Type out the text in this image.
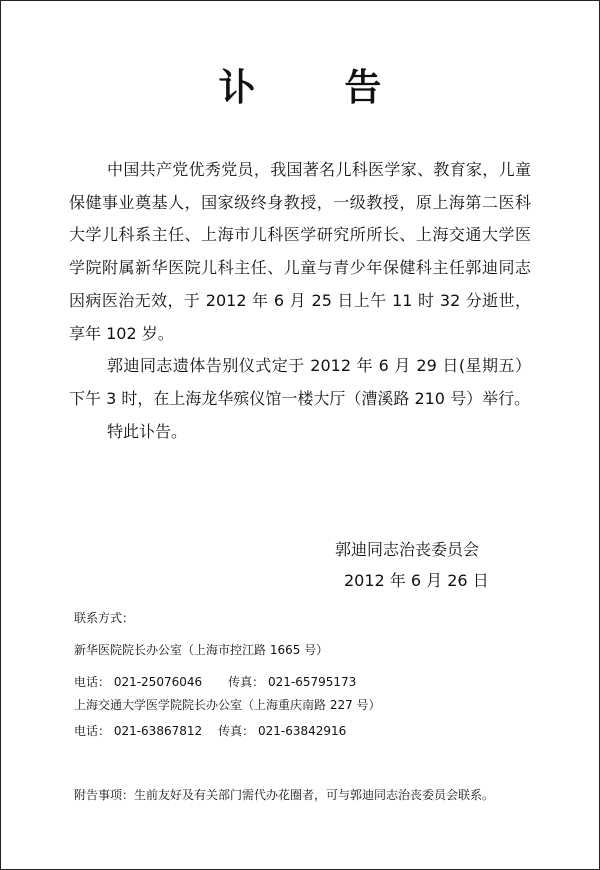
讣 告

中国共产党优秀党员，我国著名儿科医学家、教育家，儿童保健事业奠基人，国家级终身教授，一级教授，原上海第二医科大学儿科系主任、上海市儿科医学研究所所长、上海交通大学医学院附属新华医院儿科主任、儿童与青少年保健科主任郭迪同志因病医治无效，于 2012 年 6 月 25 日上午 11 时 32 分逝世，享年 102 岁。

郭迪同志遗体告别仪式定于 2012 年 6 月 29 日(星期五）下午 3 时，在上海龙华殡仪馆一楼大厅（漕溪路 210 号）举行。

特此讣告。

郭迪同志治丧委员会
2012 年 6 月 26 日
联系方式：
新华医院院长办公室（上海市控江路 1665 号）
电话： 021-25076046 传真： 021-65795173
上海交通大学医学院院长办公室（上海重庆南路 227 号）
电话： 021-63867812 传真： 021-63842916
附告事项：生前友好及有关部门需代办花圈者，可与郭迪同志治丧委员会联系。
